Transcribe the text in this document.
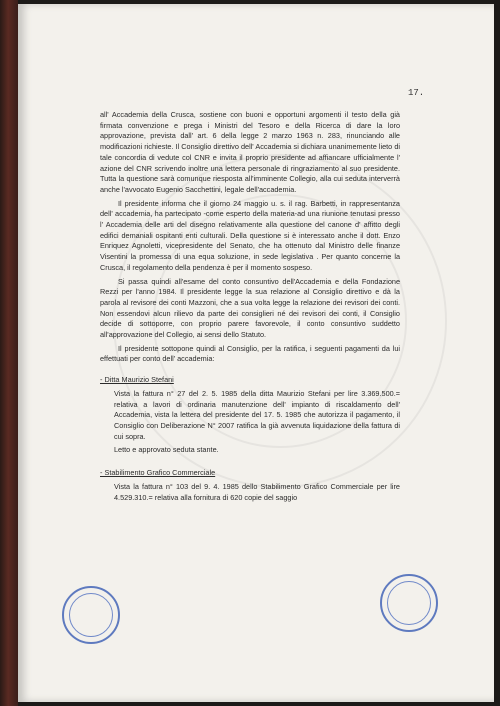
17.

all' Accademia della Crusca, sostiene con buoni e opportuni argomenti il testo della già firmata convenzione e prega i Ministri del Tesoro e della Ricerca di dare la loro approvazione, prevista dall' art. 6 della legge 2 marzo 1963 n. 283, rinunciando alle modificazioni richieste. Il Consiglio direttivo dell' Accademia si dichiara unanimemente lieto di tale concordia di vedute col CNR e invita il proprio presidente ad affiancare ufficialmente l' azione del CNR scrivendo inoltre una lettera personale di ringraziamento al suo presidente. Tutta la questione sarà comunque riesposta all'imminente Collegio, alla cui seduta interverrà anche l'avvocato Eugenio Sacchettini, legale dell'accademia.

Il presidente informa che il giorno 24 maggio u. s. il rag. Barbetti, in rappresentanza dell' accademia, ha partecipato -come esperto della materia-ad una riunione tenutasi presso l' Accademia delle arti del disegno relativamente alla questione del canone d' affitto degli edifici demaniali ospitanti enti culturali. Della questione si è interessato anche il dott. Enzo Enriquez Agnoletti, vicepresidente del Senato, che ha ottenuto dal Ministro delle finanze Visentini la promessa di una equa soluzione, in sede legislativa . Per quanto concerne la Crusca, il regolamento della pendenza è per il momento sospeso.

Si passa quindi all'esame del conto consuntivo dell'Accademia e della Fondazione Rezzi per l'anno 1984. Il presidente legge la sua relazione al Consiglio direttivo e dà la parola al revisore dei conti Mazzoni, che a sua volta legge la relazione dei revisori dei conti. Non essendovi alcun rilievo da parte dei consiglieri né dei revisori dei conti, il Consiglio decide di sottoporre, con proprio parere favorevole, il conto consuntivo suddetto all'approvazione del Collegio, ai sensi dello Statuto.

Il presidente sottopone quindi al Consiglio, per la ratifica, i seguenti pagamenti da lui effettuati per conto dell' accademia:

- Ditta Maurizio Stefani

Vista la fattura n° 27 del 2. 5. 1985 della ditta Maurizio Stefani per lire 3.369.500.= relativa a lavori di ordinaria manutenzione dell' impianto di riscaldamento dell' Accademia, vista la lettera del presidente del 17. 5. 1985 che autorizza il pagamento, il Consiglio con Deliberazione N° 2007 ratifica la già avvenuta liquidazione della fattura di cui sopra.

Letto e approvato seduta stante.

- Stabilimento Grafico Commerciale

Vista la fattura n° 103 del 9. 4. 1985 dello Stabilimento Grafico Commerciale per lire 4.529.310.= relativa alla fornitura di 620 copie del saggio
